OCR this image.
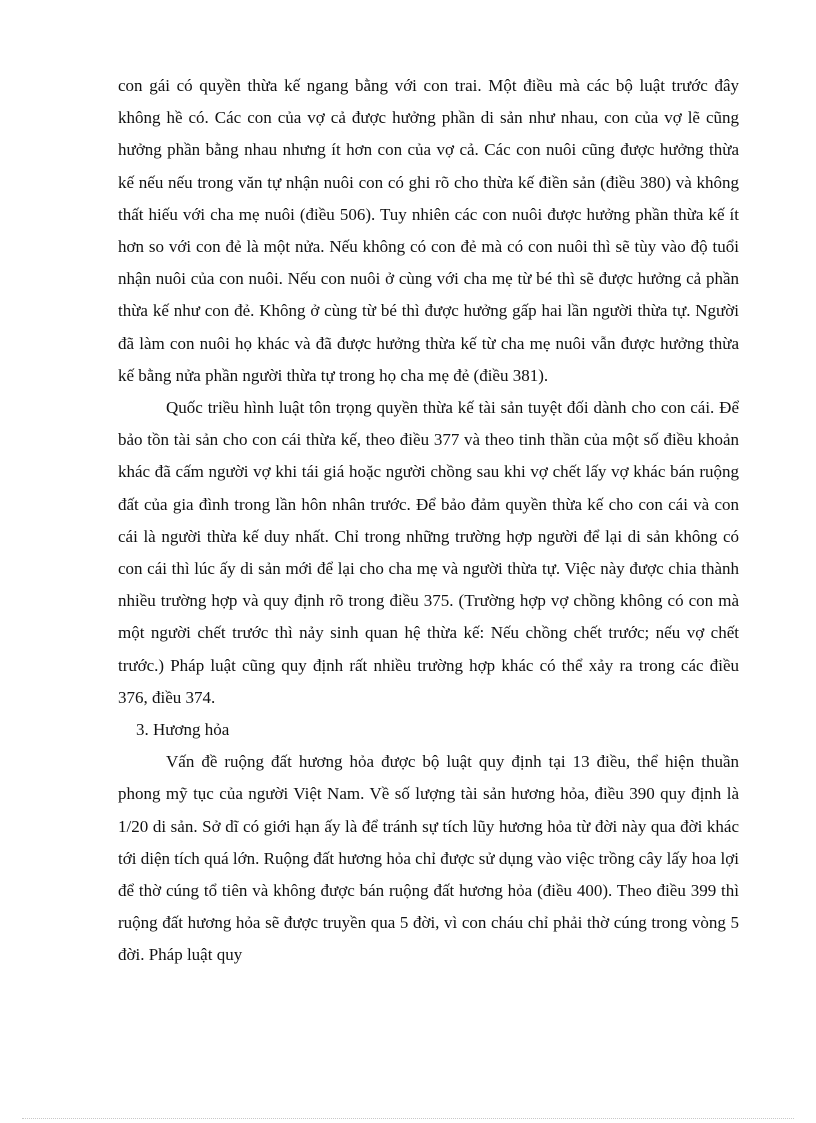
con gái có quyền thừa kế ngang bằng với con trai. Một điều mà các bộ luật trước đây không hề có. Các con của vợ cả được hưởng phần di sản như nhau, con của vợ lẽ cũng hưởng phần bằng nhau nhưng ít hơn con của vợ cả. Các con nuôi cũng được hưởng thừa kế nếu nếu trong văn tự nhận nuôi con có ghi rõ cho thừa kế điền sản (điều 380) và không thất hiếu với cha mẹ nuôi (điều 506). Tuy nhiên các con nuôi được hưởng phần thừa kế ít hơn so với con đẻ là một nửa. Nếu không có con đẻ mà có con nuôi thì sẽ tùy vào độ tuổi nhận nuôi của con nuôi. Nếu con nuôi ở cùng với cha mẹ từ bé thì sẽ được hưởng cả phần thừa kế như con đẻ. Không ở cùng từ bé thì được hưởng gấp hai lần người thừa tự. Người đã làm con nuôi họ khác và đã được hưởng thừa kế từ cha mẹ nuôi vẫn được hưởng thừa kế bằng nửa phần người thừa tự trong họ cha mẹ đẻ (điều 381).

Quốc triều hình luật tôn trọng quyền thừa kế tài sản tuyệt đối dành cho con cái. Để bảo tồn tài sản cho con cái thừa kế, theo điều 377 và theo tinh thần của một số điều khoản khác đã cấm người vợ khi tái giá hoặc người chồng sau khi vợ chết lấy vợ khác bán ruộng đất của gia đình trong lần hôn nhân trước. Để bảo đảm quyền thừa kế cho con cái và con cái là người thừa kế duy nhất. Chỉ trong những trường hợp người để lại di sản không có con cái thì lúc ấy di sản mới để lại cho cha mẹ và người thừa tự. Việc này được chia thành nhiều trường hợp và quy định rõ trong điều 375. (Trường hợp vợ chồng không có con mà một người chết trước thì nảy sinh quan hệ thừa kế: Nếu chồng chết trước; nếu vợ chết trước.) Pháp luật cũng quy định rất nhiều trường hợp khác có thể xảy ra trong các điều 376, điều 374.

3. Hương hỏa

Vấn đề ruộng đất hương hỏa được bộ luật quy định tại 13 điều, thể hiện thuần phong mỹ tục của người Việt Nam. Về số lượng tài sản hương hỏa, điều 390 quy định là 1/20 di sản. Sở dĩ có giới hạn ấy là để tránh sự tích lũy hương hỏa từ đời này qua đời khác tới diện tích quá lớn. Ruộng đất hương hỏa chỉ được sử dụng vào việc trồng cây lấy hoa lợi để thờ cúng tổ tiên và không được bán ruộng đất hương hỏa (điều 400). Theo điều 399 thì ruộng đất hương hỏa sẽ được truyền qua 5 đời, vì con cháu chỉ phải thờ cúng trong vòng 5 đời. Pháp luật quy
